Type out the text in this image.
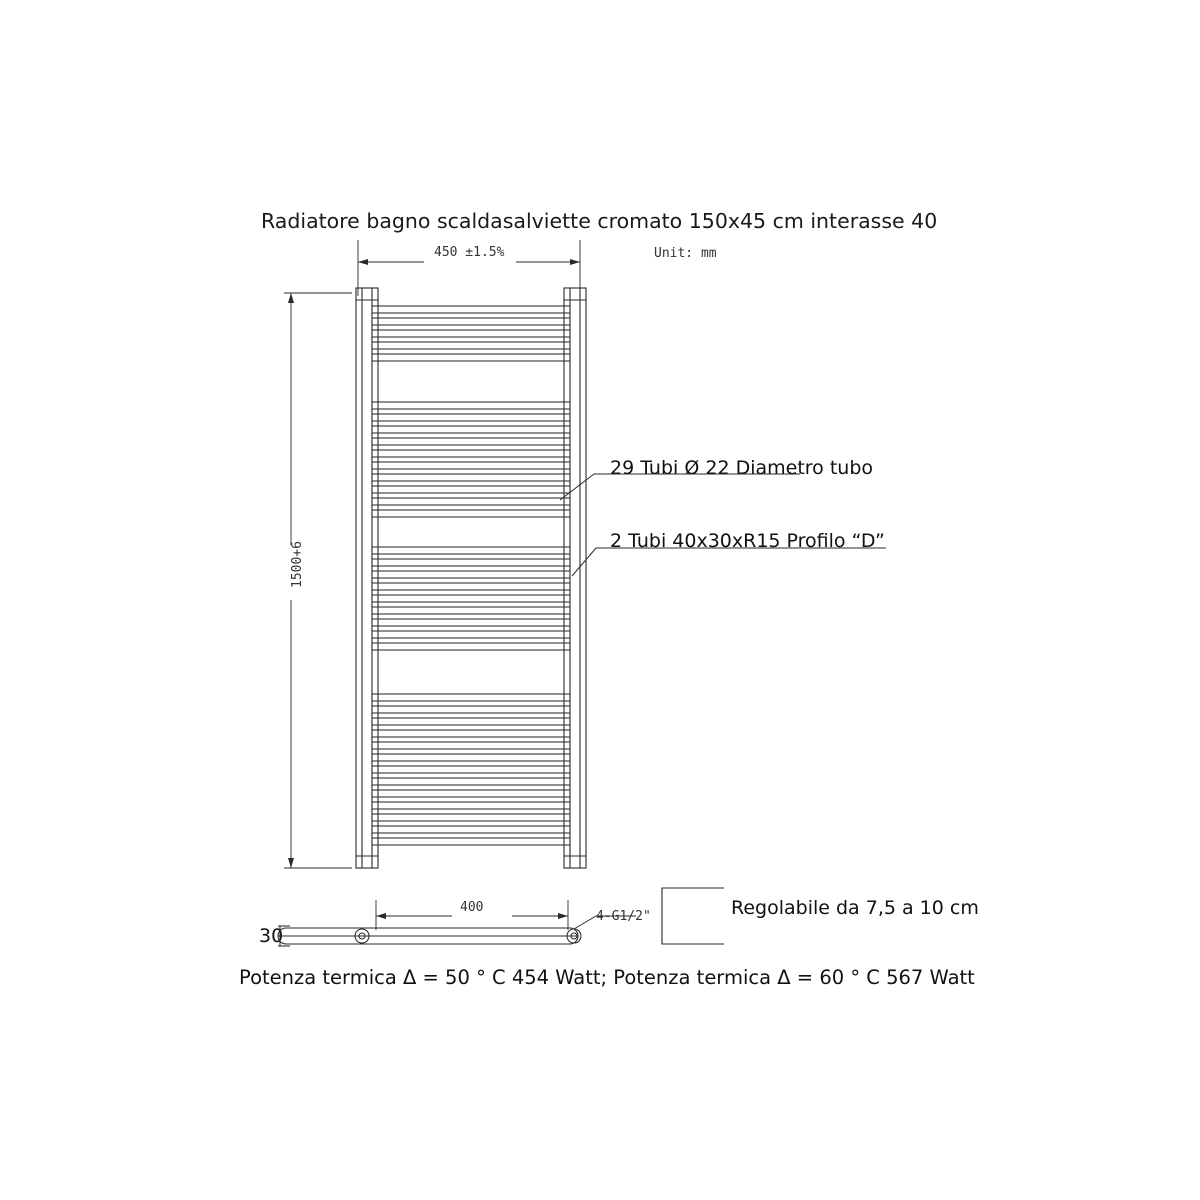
Radiatore bagno scaldasalviette cromato 150x45 cm interasse 40
Unit: mm
450 ±1.5%
1500+6
29 Tubi Ø 22 Diametro tubo
2 Tubi 40x30xR15 Profilo “D”
Regolabile da 7,5 a 10 cm
400
4-G1/2"
30
Potenza termica Δ = 50 ° C 454 Watt; Potenza termica Δ = 60 ° C 567 Watt
